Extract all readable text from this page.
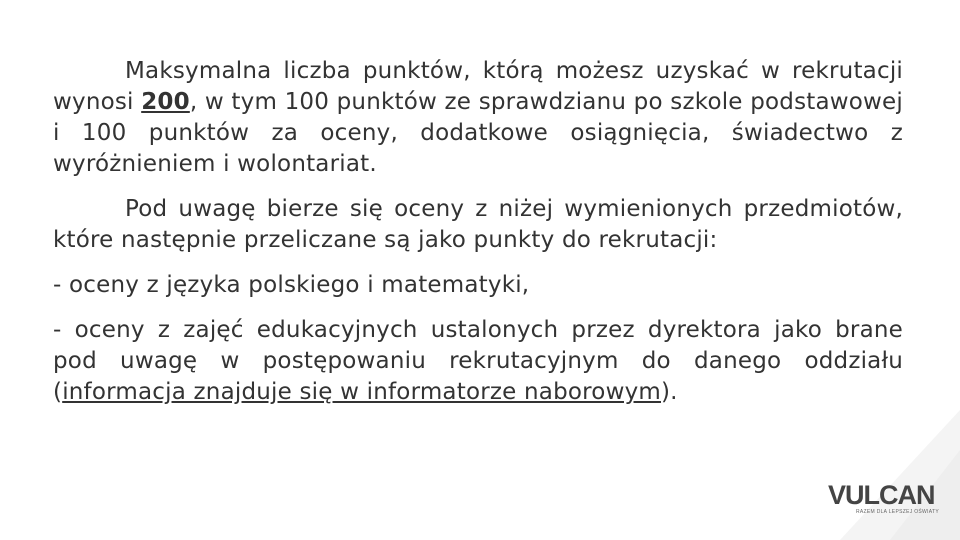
Maksymalna liczba punktów, którą możesz uzyskać w rekrutacji wynosi 200, w tym 100 punktów ze sprawdzianu po szkole podstawowej i 100 punktów za oceny, dodatkowe osiągnięcia, świadectwo z wyróżnieniem i wolontariat.

Pod uwagę bierze się oceny z niżej wymienionych przedmiotów, które następnie przeliczane są jako punkty do rekrutacji:

- oceny z języka polskiego i matematyki,

- oceny z zajęć edukacyjnych ustalonych przez dyrektora jako brane pod uwagę w postępowaniu rekrutacyjnym do danego oddziału (informacja znajduje się w informatorze naborowym).

VULCAN
RAZEM DLA LEPSZEJ OŚWIATY
